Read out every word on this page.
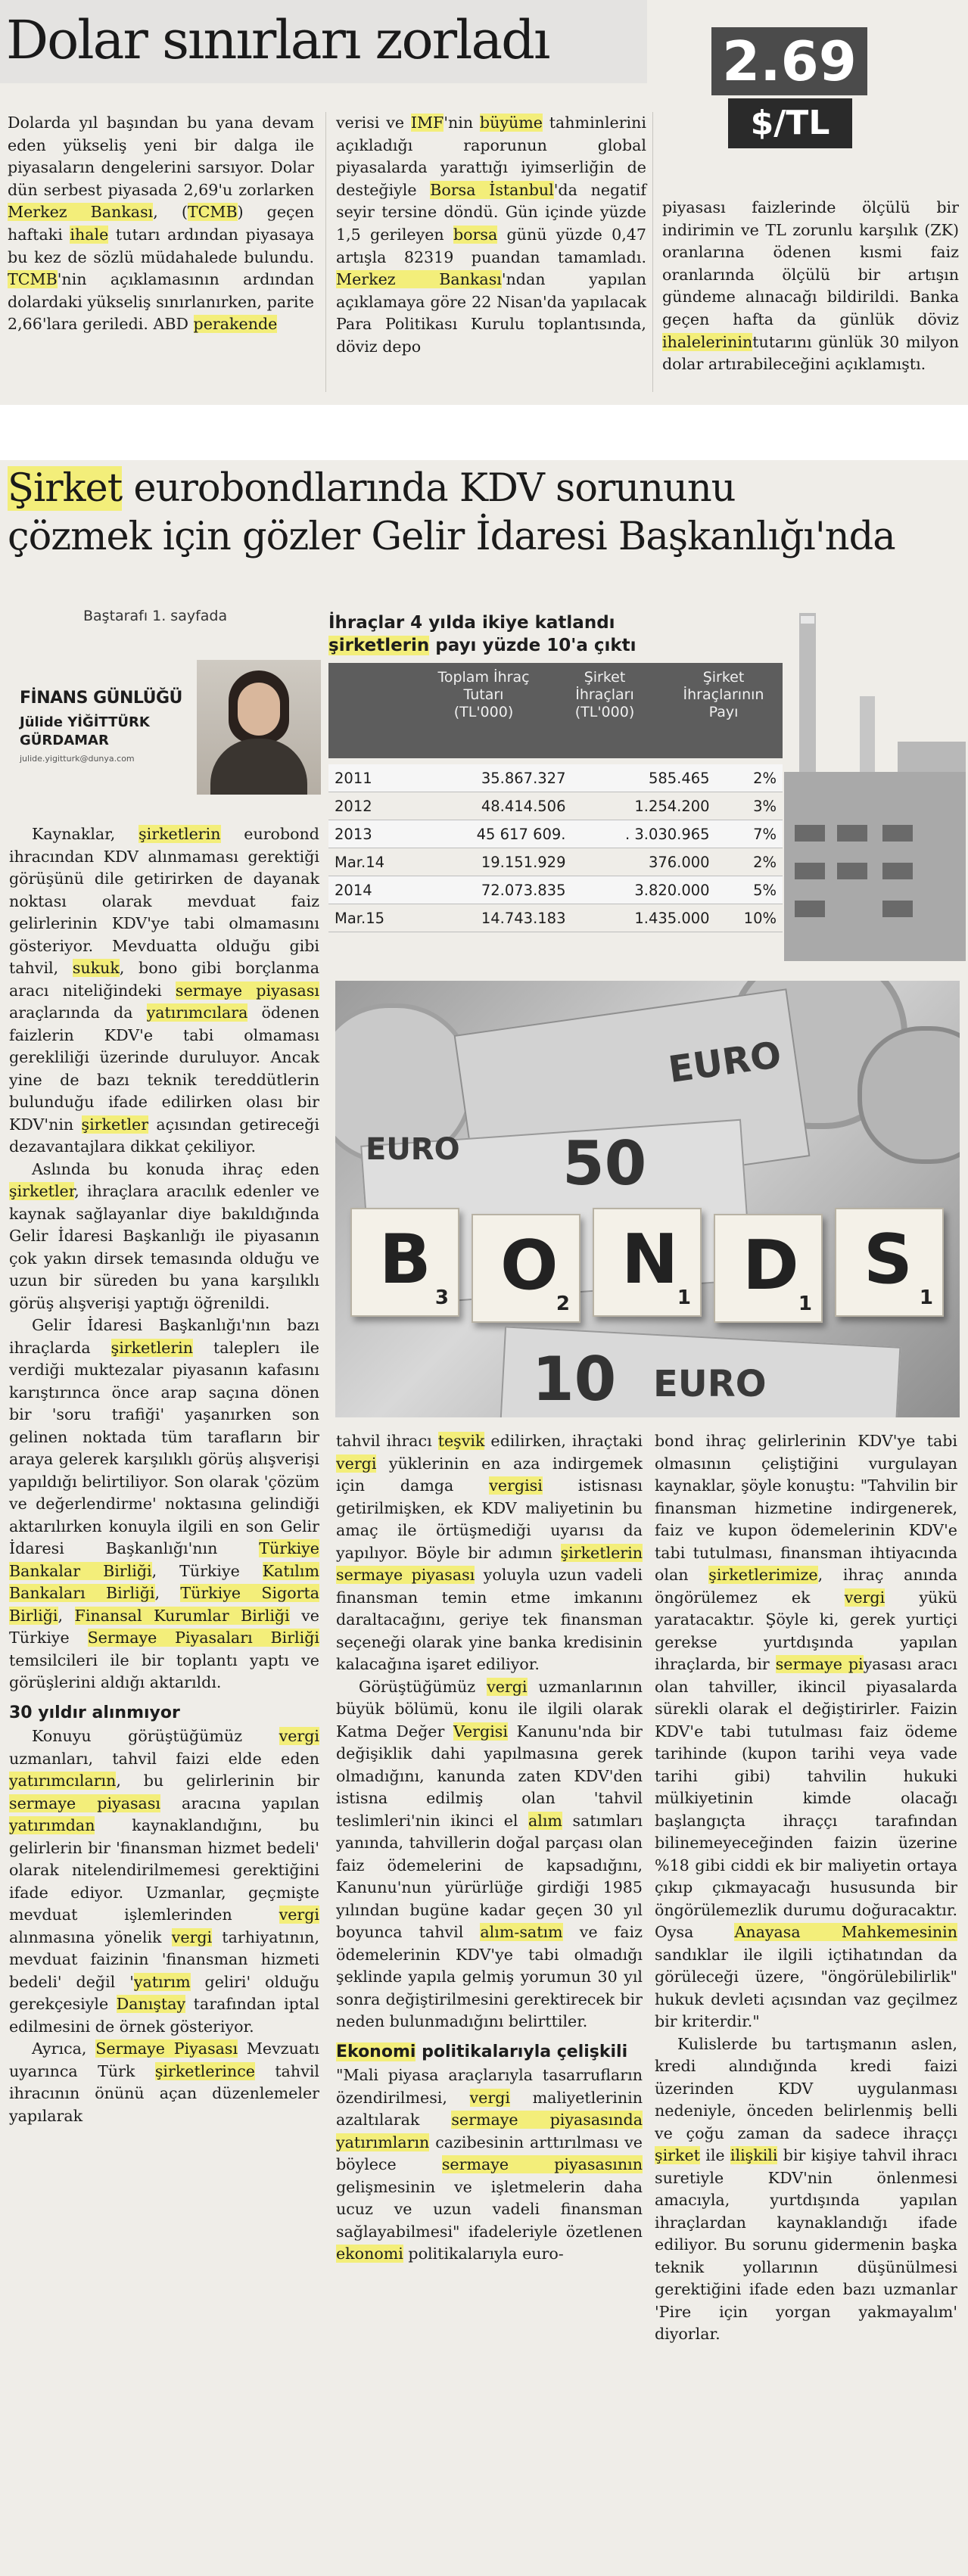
Dolar sınırları zorladı	2.69
$/TL
Dolarda yıl başından bu yana devam eden yükseliş yeni bir dalga ile piyasaların dengelerini sarsıyor. Dolar dün serbest piyasada 2,69'u zorlarken Merkez Bankası, (TCMB) geçen haftaki ihale tutarı ardından piyasaya bu kez de sözlü müdahalede bulundu. TCMB'nin açıklamasının ardından dolardaki yükseliş sınırlanırken, parite 2,66'lara geriledi. ABD perakende
verisi ve IMF'nin büyüme tahminlerini açıkladığı raporunun global piyasalarda yarattığı iyimserliğin de desteğiyle Borsa İstanbul'da negatif seyir tersine döndü. Gün içinde yüzde 1,5 gerileyen borsa günü yüzde 0,47 artışla 82319 puandan tamamladı. Merkez Bankası'ndan yapılan açıklamaya göre 22 Nisan'da yapılacak Para Politikası Kurulu toplantısında, döviz depo
piyasası faizlerinde ölçülü bir indirimin ve TL zorunlu karşılık (ZK) oranlarına ödenen kısmi faiz oranlarında ölçülü bir artışın gündeme alınacağı bildirildi. Banka geçen hafta da günlük döviz ihalelerinintutarını günlük 30 milyon dolar artırabileceğini açıklamıştı.
Şirket eurobondlarında KDV sorununu
çözmek için gözler Gelir İdaresi Başkanlığı'nda
Baştarafı 1. sayfada
FİNANS GÜNLÜĞÜ
Jülide YİĞİTTÜRK
GÜRDAMAR
julide.yigitturk@dunya.com
İhraçlar 4 yılda ikiye katlandı
şirketlerin payı yüzde 10'a çıktı
Toplam İhraç Tutarı (TL'000)
Şirket İhraçları (TL'000)
Şirket İhraçlarının Payı
2011	35.867.327	585.465	2%
2012	48.414.506	1.254.200	3%
2013	45 617 609.	. 3.030.965	7%
Mar.14	19.151.929	376.000	2%
2014	72.073.835	3.820.000	5%
Mar.15	14.743.183	1.435.000	10%
EURO
50
EURO
B 3 O
2
N
1 D 1
S 1
10 EURO

Kaynaklar, şirketlerin eurobond ihracından KDV alınmaması gerektiği görüşünü dile getirirken de dayanak noktası olarak mevduat faiz gelirlerinin KDV'ye tabi olmamasını gösteriyor. Mevduatta olduğu gibi tahvil, sukuk, bono gibi borçlanma aracı niteliğindeki sermaye piyasası araçlarında da yatırımcılara ödenen faizlerin KDV'e tabi olmaması gerekliliği üzerinde duruluyor. Ancak yine de bazı teknik tereddütlerin bulunduğu ifade edilirken olası bir KDV'nin şirketler açısından getireceği dezavantajlara dikkat çekiliyor.

Aslında bu konuda ihraç eden şirketler, ihraçlara aracılık edenler ve kaynak sağlayanlar diye bakıldığında Gelir İdaresi Başkanlığı ile piyasanın çok yakın dirsek temasında olduğu ve uzun bir süreden bu yana karşılıklı görüş alışverişi yaptığı öğrenildi.

Gelir İdaresi Başkanlığı'nın bazı ihraçlarda şirketlerin taleplerı ile verdiği muktezalar piyasanın kafasını karıştırınca önce arap saçına dönen bir 'soru trafiği' yaşanırken son gelinen noktada tüm tarafların bir araya gelerek karşılıklı görüş alışverişi yapıldığı belirtiliyor. Son olarak 'çözüm ve değerlendirme' noktasına gelindiği aktarılırken konuyla ilgili en son Gelir İdaresi Başkanlığı'nın Türkiye Bankalar Birliği, Türkiye Katılım Bankaları Birliği, Türkiye Sigorta Birliği, Finansal Kurumlar Birliği ve Türkiye Sermaye Piyasaları Birliği temsilcileri ile bir toplantı yaptı ve görüşlerini aldığı aktarıldı.

30 yıldır alınmıyor

Konuyu görüştüğümüz vergi uzmanları, tahvil faizi elde eden yatırımcıların, bu gelirlerinin bir sermaye piyasası aracına yapılan yatırımdan kaynaklandığını, bu gelirlerin bir 'finansman hizmet bedeli' olarak nitelendirilmemesi gerektiğini ifade ediyor. Uzmanlar, geçmişte mevduat işlemlerinden vergi alınmasına yönelik vergi tarhiyatının, mevduat faizinin 'finansman hizmeti bedeli' değil 'yatırım geliri' olduğu gerekçesiyle Danıştay tarafından iptal edilmesini de örnek gösteriyor.

Ayrıca, Sermaye Piyasası Mevzuatı uyarınca Türk şirketlerince tahvil ihracının önünü açan düzenlemeler yapılarak

tahvil ihracı teşvik edilirken, ihraçtaki vergi yüklerinin en aza indirgemek için damga vergisi istisnası getirilmişken, ek KDV maliyetinin bu amaç ile örtüşmediği uyarısı da yapılıyor. Böyle bir adımın şirketlerin sermaye piyasası yoluyla uzun vadeli finansman temin etme imkanını daraltacağını, geriye tek finansman seçeneği olarak yine banka kredisinin kalacağına işaret ediliyor.

Görüştüğümüz vergi uzmanlarının büyük bölümü, konu ile ilgili olarak Katma Değer Vergisi Kanunu'nda bir değişiklik dahi yapılmasına gerek olmadığını, kanunda zaten KDV'den istisna edilmiş olan 'tahvil teslimleri'nin ikinci el alım satımları yanında, tahvillerin doğal parçası olan faiz ödemelerini de kapsadığını, Kanunu'nun yürürlüğe girdiği 1985 yılından bugüne kadar geçen 30 yıl boyunca tahvil alım-satım ve faiz ödemelerinin KDV'ye tabi olmadığı şeklinde yapıla gelmiş yorumun 30 yıl sonra değiştirilmesini gerektirecek bir neden bulunmadığını belirttiler.

Ekonomi politikalarıyla çelişkili

"Mali piyasa araçlarıyla tasarrufların özendirilmesi, vergi maliyetlerinin azaltılarak sermaye piyasasında yatırımların cazibesinin arttırılması ve böylece sermaye piyasasının gelişmesinin ve işletmelerin daha ucuz ve uzun vadeli finansman sağlayabilmesi" ifadeleriyle özetlenen ekonomi politikalarıyla euro-

bond ihraç gelirlerinin KDV'ye tabi olmasının çeliştiğini vurgulayan kaynaklar, şöyle konuştu: "Tahvilin bir finansman hizmetine indirgenerek, faiz ve kupon ödemelerinin KDV'e tabi tutulması, finansman ihtiyacında olan şirketlerimize, ihraç anında öngörülemez ek vergi yükü yaratacaktır. Şöyle ki, gerek yurtiçi gerekse yurtdışında yapılan ihraçlarda, bir sermaye piyasası aracı olan tahviller, ikincil piyasalarda sürekli olarak el değiştirirler. Faizin KDV'e tabi tutulması faiz ödeme tarihinde (kupon tarihi veya vade tarihi gibi) tahvilin hukuki mülkiyetinin kimde olacağı başlangıçta ihraççı tarafından bilinemeyeceğinden faizin üzerine %18 gibi ciddi ek bir maliyetin ortaya çıkıp çıkmayacağı hususunda bir öngörülemezlik durumu doğuracaktır. Oysa Anayasa Mahkemesinin sandıklar ile ilgili içtihatından da görüleceği üzere, "öngörülebilirlik" hukuk devleti açısından vaz geçilmez bir kriterdir."

Kulislerde bu tartışmanın aslen, kredi alındığında kredi faizi üzerinden KDV uygulanması nedeniyle, önceden belirlenmiş belli ve çoğu zaman da sadece ihraççı şirket ile ilişkili bir kişiye tahvil ihracı suretiyle KDV'nin önlenmesi amacıyla, yurtdışında yapılan ihraçlardan kaynaklandığı ifade ediliyor. Bu sorunu gidermenin başka teknik yollarının düşünülmesi gerektiğini ifade eden bazı uzmanlar 'Pire için yorgan yakmayalım' diyorlar.
